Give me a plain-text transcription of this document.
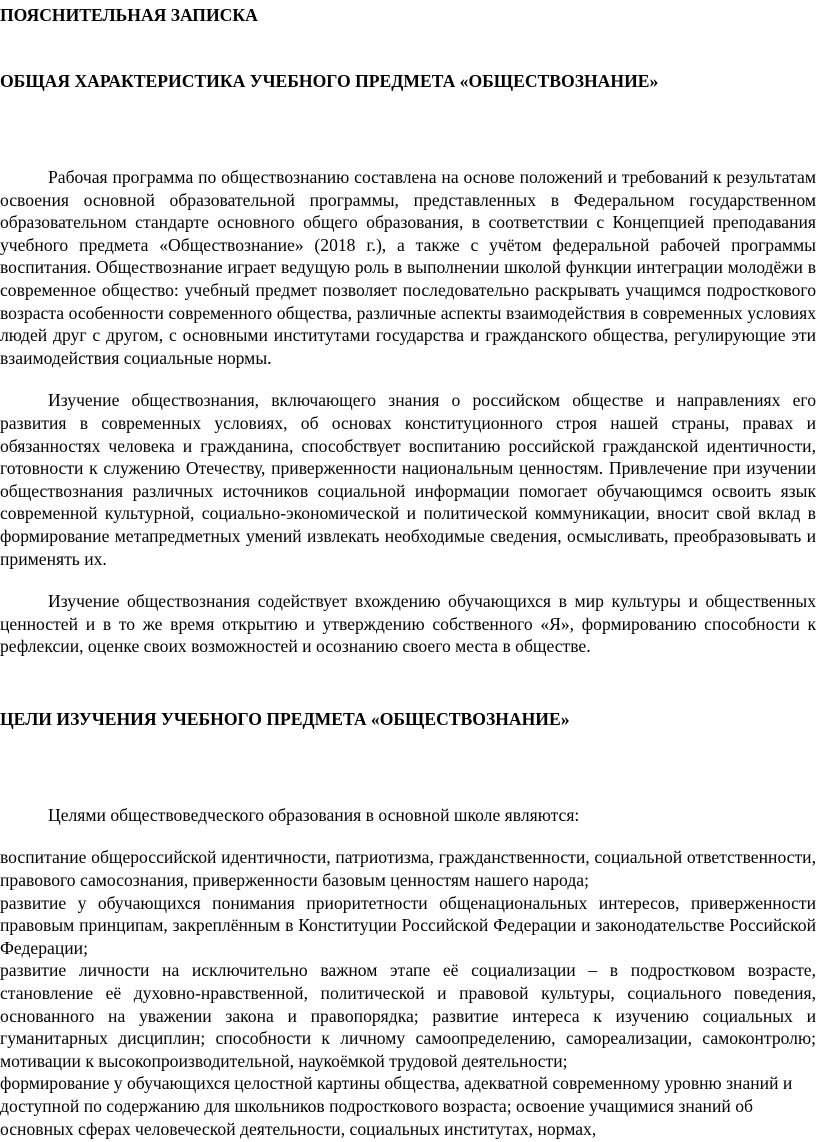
ПОЯСНИТЕЛЬНАЯ ЗАПИСКА
ОБЩАЯ ХАРАКТЕРИСТИКА УЧЕБНОГО ПРЕДМЕТА «ОБЩЕСТВОЗНАНИЕ»

Рабочая программа по обществознанию составлена на основе положений и требований к результатам освоения основной образовательной программы, представленных в Федеральном государственном образовательном стандарте основного общего образования, в соответствии с Концепцией преподавания учебного предмета «Обществознание» (2018 г.), а также с учётом федеральной рабочей программы воспитания. Обществознание играет ведущую роль в выполнении школой функции интеграции молодёжи в современное общество: учебный предмет позволяет последовательно раскрывать учащимся подросткового возраста особенности современного общества, различные аспекты взаимодействия в современных условиях людей друг с другом, с основными институтами государства и гражданского общества, регулирующие эти взаимодействия социальные нормы.

Изучение обществознания, включающего знания о российском обществе и направлениях его развития в современных условиях, об основах конституционного строя нашей страны, правах и обязанностях человека и гражданина, способствует воспитанию российской гражданской идентичности, готовности к служению Отечеству, приверженности национальным ценностям. Привлечение при изучении обществознания различных источников социальной информации помогает обучающимся освоить язык современной культурной, социально-экономической и политической коммуникации, вносит свой вклад в формирование метапредметных умений извлекать необходимые сведения, осмысливать, преобразовывать и применять их.

Изучение обществознания содействует вхождению обучающихся в мир культуры и общественных ценностей и в то же время открытию и утверждению собственного «Я», формированию способности к рефлексии, оценке своих возможностей и осознанию своего места в обществе.

ЦЕЛИ ИЗУЧЕНИЯ УЧЕБНОГО ПРЕДМЕТА «ОБЩЕСТВОЗНАНИЕ»

Целями обществоведческого образования в основной школе являются:

воспитание общероссийской идентичности, патриотизма, гражданственности, социальной ответственности, правового самосознания, приверженности базовым ценностям нашего народа;

развитие у обучающихся понимания приоритетности общенациональных интересов, приверженности правовым принципам, закреплённым в Конституции Российской Федерации и законодательстве Российской Федерации;

развитие личности на исключительно важном этапе её социализации – в подростковом возрасте, становление её духовно-нравственной, политической и правовой культуры, социального поведения, основанного на уважении закона и правопорядка; развитие интереса к изучению социальных и гуманитарных дисциплин; способности к личному самоопределению, самореализации, самоконтролю; мотивации к высокопроизводительной, наукоёмкой трудовой деятельности;

формирование у обучающихся целостной картины общества, адекватной современному уровню знаний и доступной по содержанию для школьников подросткового возраста; освоение учащимися знаний об основных сферах человеческой деятельности, социальных институтах, нормах,
